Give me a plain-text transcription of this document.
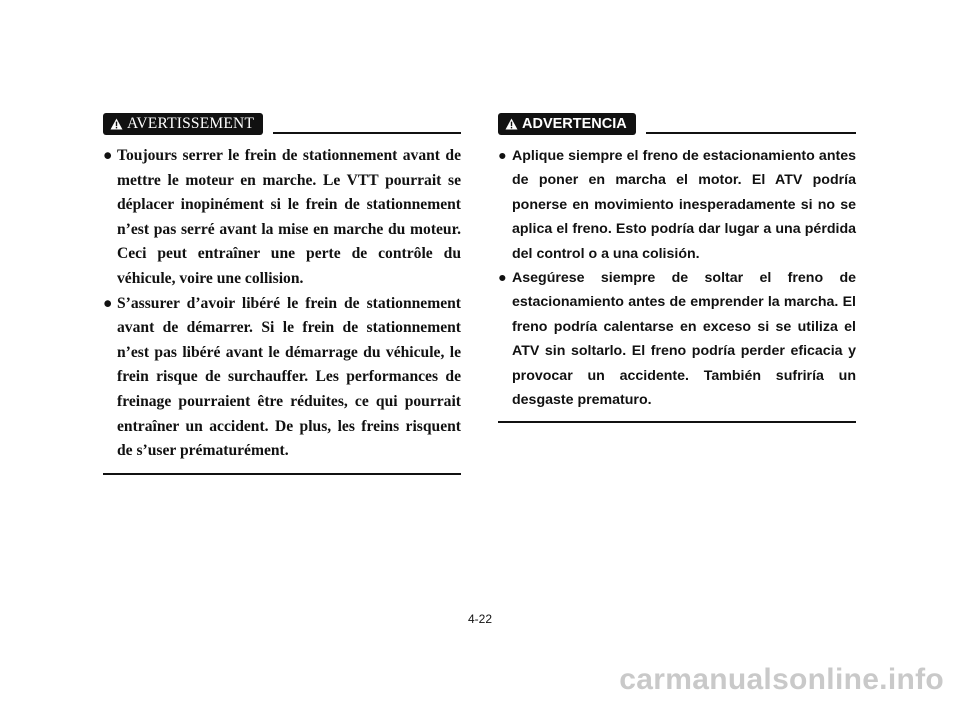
AVERTISSEMENT
● Toujours serrer le frein de stationnement avant de mettre le moteur en marche. Le VTT pourrait se déplacer inopinément si le frein de stationnement n’est pas serré avant la mise en marche du moteur. Ceci peut entraîner une perte de contrôle du véhicule, voire une collision.
● S’assurer d’avoir libéré le frein de stationnement avant de démarrer. Si le frein de stationnement n’est pas libéré avant le démarrage du véhicule, le frein risque de surchauffer. Les performances de freinage pourraient être réduites, ce qui pourrait entraîner un accident. De plus, les freins risquent de s’user prématurément.
ADVERTENCIA
● Aplique siempre el freno de estacionamiento antes de poner en marcha el motor. El ATV podría ponerse en movimiento inesperadamente si no se aplica el freno. Esto podría dar lugar a una pérdida del control o a una colisión.
● Asegúrese siempre de soltar el freno de estacionamiento antes de emprender la marcha. El freno podría calentarse en exceso si se utiliza el ATV sin soltarlo. El freno podría perder eficacia y provocar un accidente. También sufriría un desgaste prematuro.
4-22
carmanualsonline.info
